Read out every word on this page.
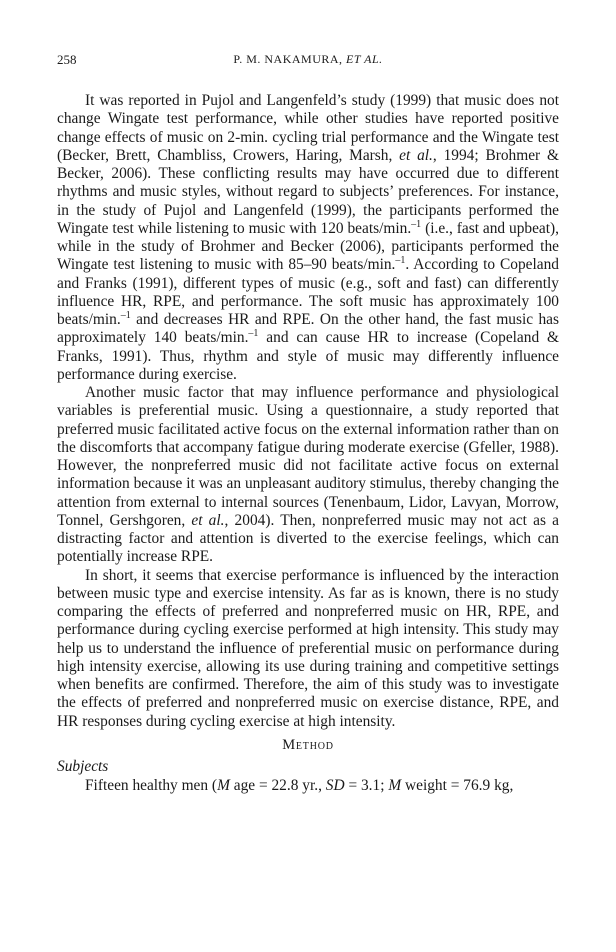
258	P. M. NAKAMURA, ET AL.

It was reported in Pujol and Langenfeld’s study (1999) that music does not change Wingate test performance, while other studies have reported positive change effects of music on 2-min. cycling trial performance and the Wingate test (Becker, Brett, Chambliss, Crowers, Haring, Marsh, et al., 1994; Brohmer & Becker, 2006). These conflicting results may have occurred due to different rhythms and music styles, without regard to subjects’ preferences. For instance, in the study of Pujol and Langenfeld (1999), the participants performed the Wingate test while listening to music with 120 beats/min.$^{-1}$ (i.e., fast and upbeat), while in the study of Brohmer and Becker (2006), participants performed the Wingate test listening to music with 85–90 beats/min.$^{-1}$. According to Copeland and Franks (1991), different types of music (e.g., soft and fast) can differently influence HR, RPE, and performance. The soft music has approximately 100 beats/min.$^{-1}$ and decreases HR and RPE. On the other hand, the fast music has approximately 140 beats/min.$^{-1}$ and can cause HR to increase (Copeland & Franks, 1991). Thus, rhythm and style of music may differently influence performance during exercise.

Another music factor that may influence performance and physiological variables is preferential music. Using a questionnaire, a study reported that preferred music facilitated active focus on the external information rather than on the discomforts that accompany fatigue during moderate exercise (Gfeller, 1988). However, the nonpreferred music did not facilitate active focus on external information because it was an unpleasant auditory stimulus, thereby changing the attention from external to internal sources (Tenenbaum, Lidor, Lavyan, Morrow, Tonnel, Gershgoren, et al., 2004). Then, nonpreferred music may not act as a distracting factor and attention is diverted to the exercise feelings, which can potentially increase RPE.

In short, it seems that exercise performance is influenced by the interaction between music type and exercise intensity. As far as is known, there is no study comparing the effects of preferred and nonpreferred music on HR, RPE, and performance during cycling exercise performed at high intensity. This study may help us to understand the influence of preferential music on performance during high intensity exercise, allowing its use during training and competitive settings when benefits are confirmed. Therefore, the aim of this study was to investigate the effects of preferred and nonpreferred music on exercise distance, RPE, and HR responses during cycling exercise at high intensity.

Method
Subjects

Fifteen healthy men (M age = 22.8 yr., SD = 3.1; M weight = 76.9 kg,
